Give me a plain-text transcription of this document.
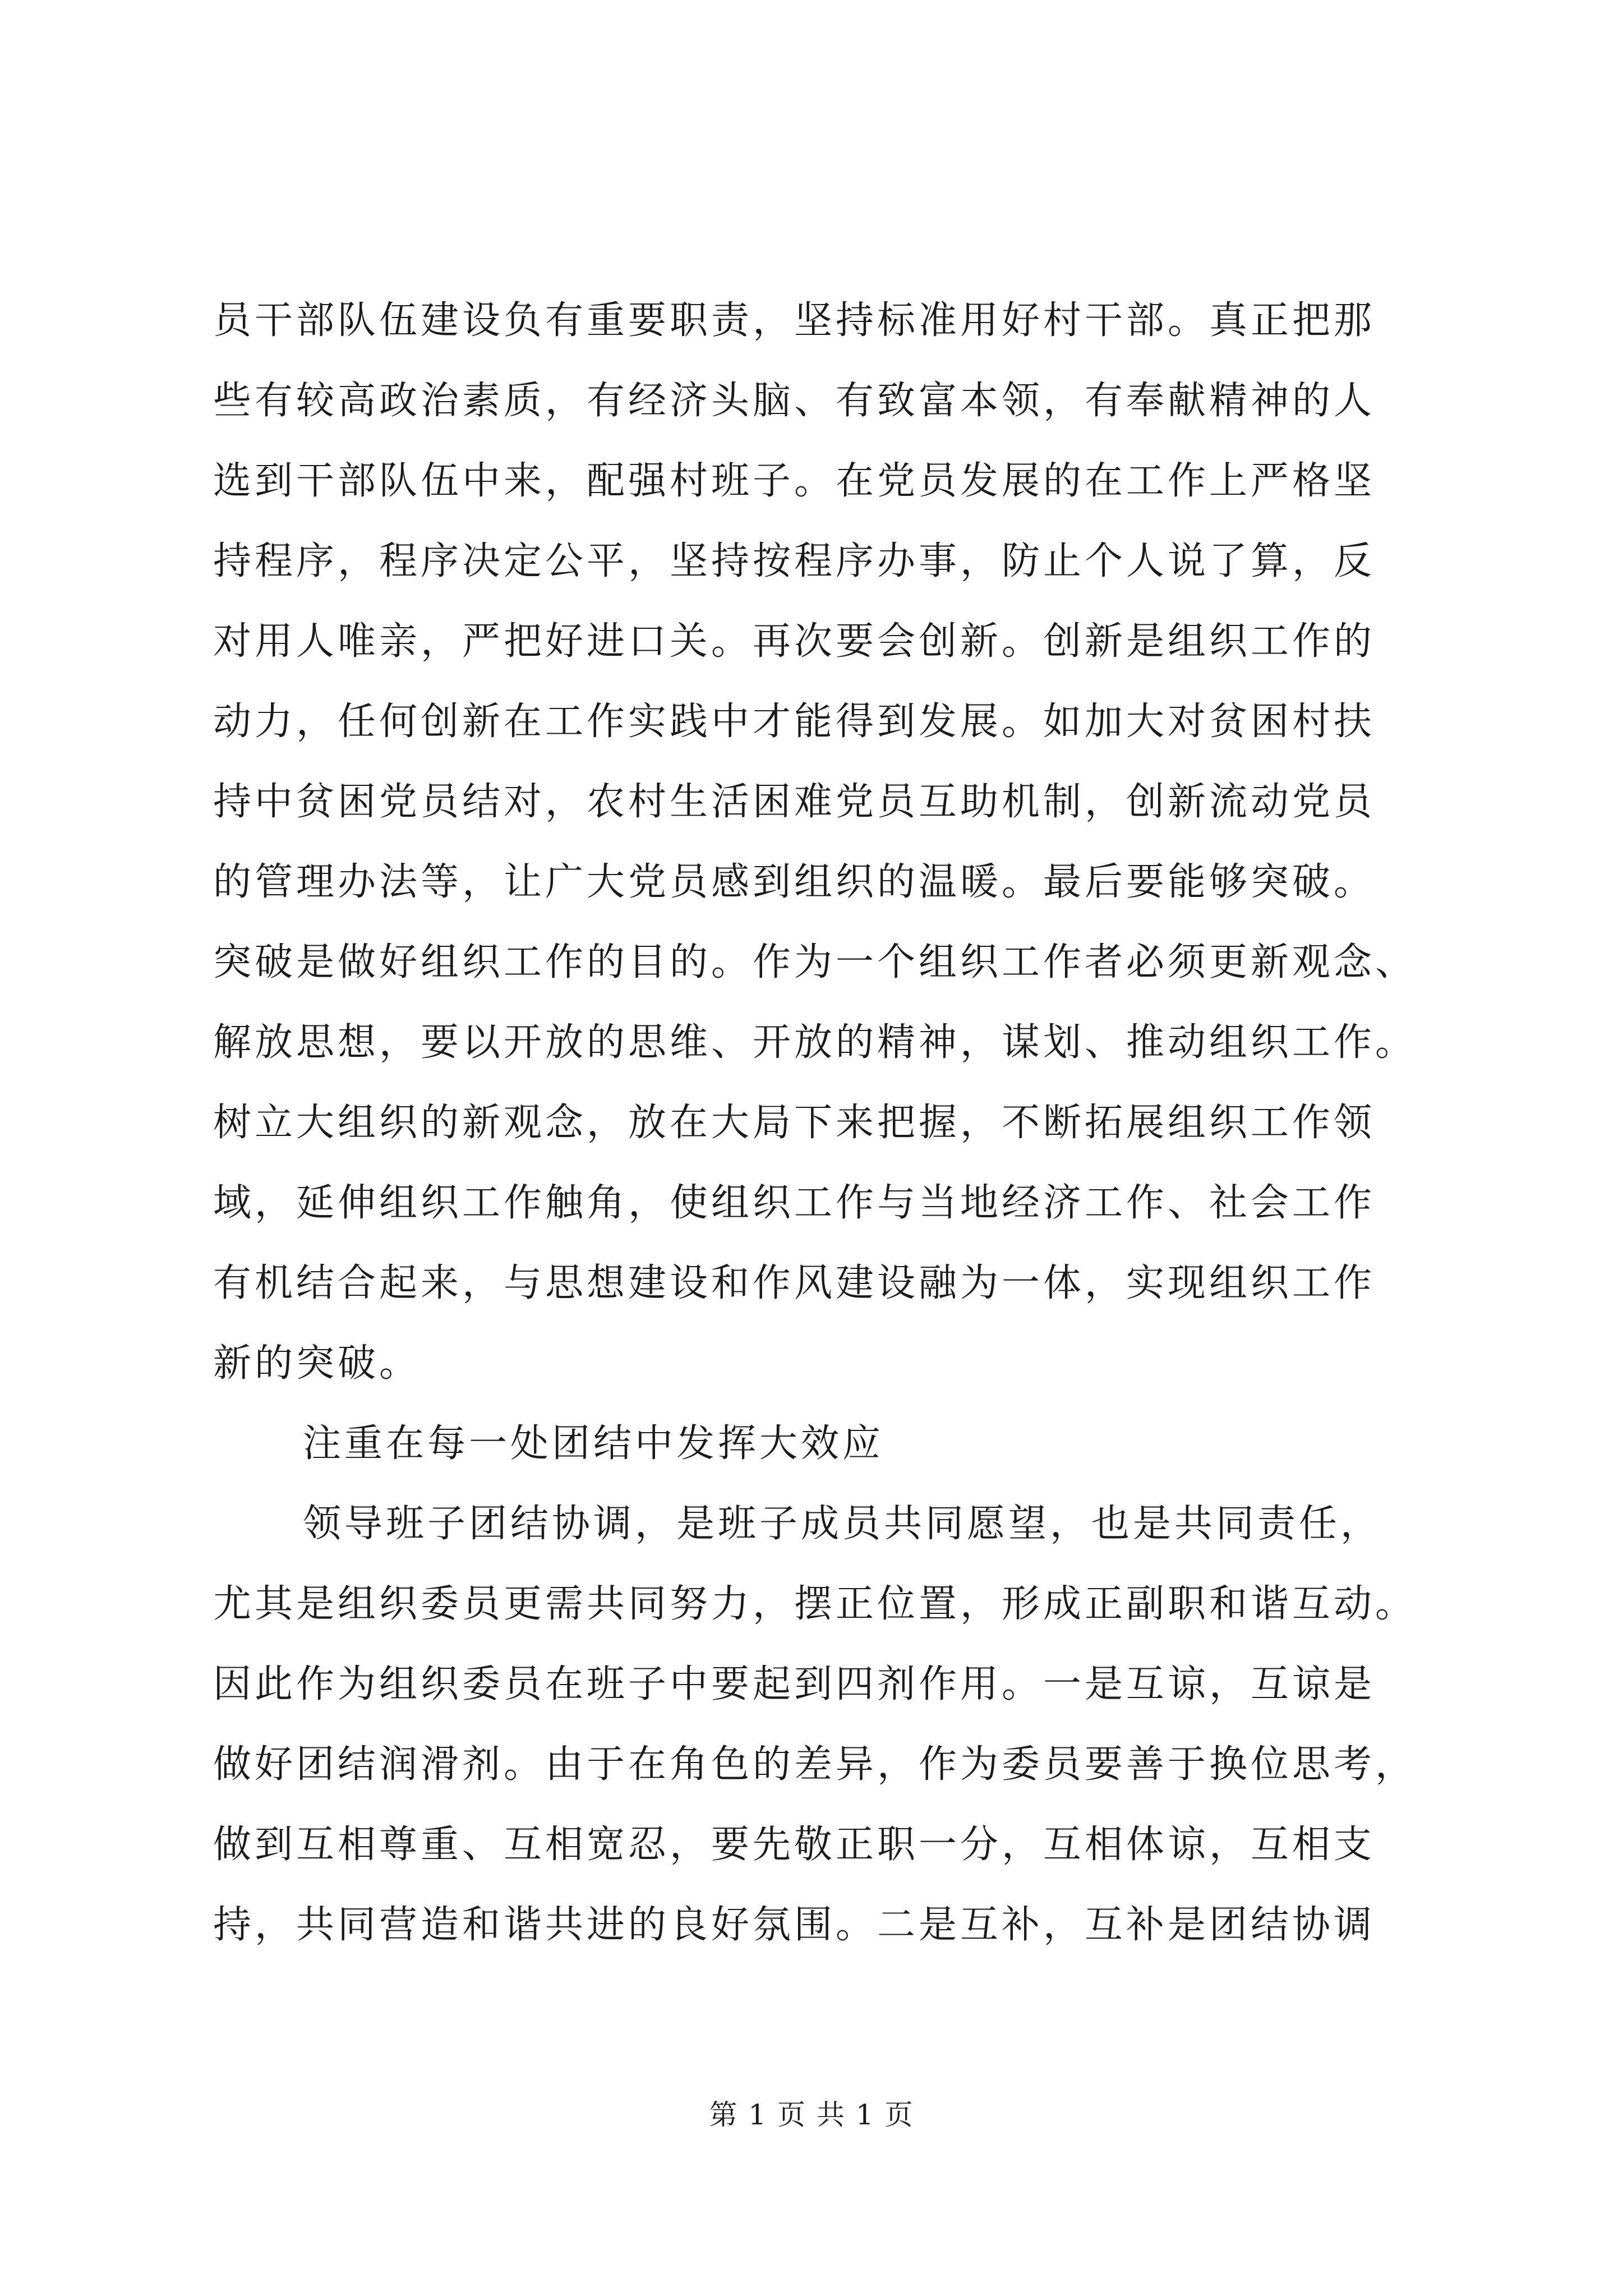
员干部队伍建设负有重要职责，坚持标准用好村干部。真正把那
些有较高政治素质，有经济头脑、有致富本领，有奉献精神的人
选到干部队伍中来，配强村班子。在党员发展的在工作上严格坚
持程序，程序决定公平，坚持按程序办事，防止个人说了算，反
对用人唯亲，严把好进口关。再次要会创新。创新是组织工作的
动力，任何创新在工作实践中才能得到发展。如加大对贫困村扶
持中贫困党员结对，农村生活困难党员互助机制，创新流动党员
的管理办法等，让广大党员感到组织的温暖。最后要能够突破。
突破是做好组织工作的目的。作为一个组织工作者必须更新观念、
解放思想，要以开放的思维、开放的精神，谋划、推动组织工作。
树立大组织的新观念，放在大局下来把握，不断拓展组织工作领
域，延伸组织工作触角，使组织工作与当地经济工作、社会工作
有机结合起来，与思想建设和作风建设融为一体，实现组织工作
新的突破。
注重在每一处团结中发挥大效应
领导班子团结协调，是班子成员共同愿望，也是共同责任，
尤其是组织委员更需共同努力，摆正位置，形成正副职和谐互动。
因此作为组织委员在班子中要起到四剂作用。一是互谅，互谅是
做好团结润滑剂。由于在角色的差异，作为委员要善于换位思考，
做到互相尊重、互相宽忍，要先敬正职一分，互相体谅，互相支
持，共同营造和谐共进的良好氛围。二是互补，互补是团结协调
第 1 页 共 1 页
